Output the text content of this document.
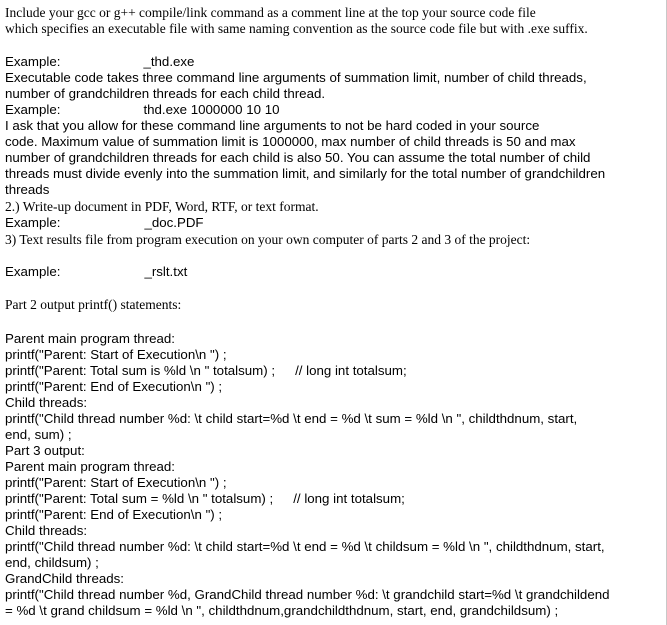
Include your gcc or g++ compile/link command as a comment line at the top your source code file
which specifies an executable file with same naming convention as the source code file but with .exe suffix.
Example:	_thd.exe
Executable code takes three command line arguments of summation limit, number of child threads,
number of grandchildren threads for each child thread.
Example:	thd.exe 1000000 10 10
I ask that you allow for these command line arguments to not be hard coded in your source
code. Maximum value of summation limit is 1000000, max number of child threads is 50 and max
number of grandchildren threads for each child is also 50. You can assume the total number of child
threads must divide evenly into the summation limit, and similarly for the total number of grandchildren
threads
2.) Write-up document in PDF, Word, RTF, or text format.
Example:	_doc.PDF
3) Text results file from program execution on your own computer of parts 2 and 3 of the project:
Example:	_rslt.txt
Part 2 output printf() statements:
Parent main program thread:
printf("Parent: Start of Execution\n ") ;
printf("Parent: Total sum is %ld \n " totalsum) ; // long int totalsum;
printf("Parent: End of Execution\n ") ;
Child threads:
printf("Child thread number %d: \t child start=%d \t end = %d \t sum = %ld \n ", childthdnum, start,
end, sum) ;
Part 3 output:
Parent main program thread:
printf("Parent: Start of Execution\n ") ;
printf("Parent: Total sum = %ld \n " totalsum) ; // long int totalsum;
printf("Parent: End of Execution\n ") ;
Child threads:
printf("Child thread number %d: \t child start=%d \t end = %d \t childsum = %ld \n ", childthdnum, start,
end, childsum) ;
GrandChild threads:
printf("Child thread number %d, GrandChild thread number %d: \t grandchild start=%d \t grandchildend
= %d \t grand childsum = %ld \n ", childthdnum,grandchildthdnum, start, end, grandchildsum) ;
